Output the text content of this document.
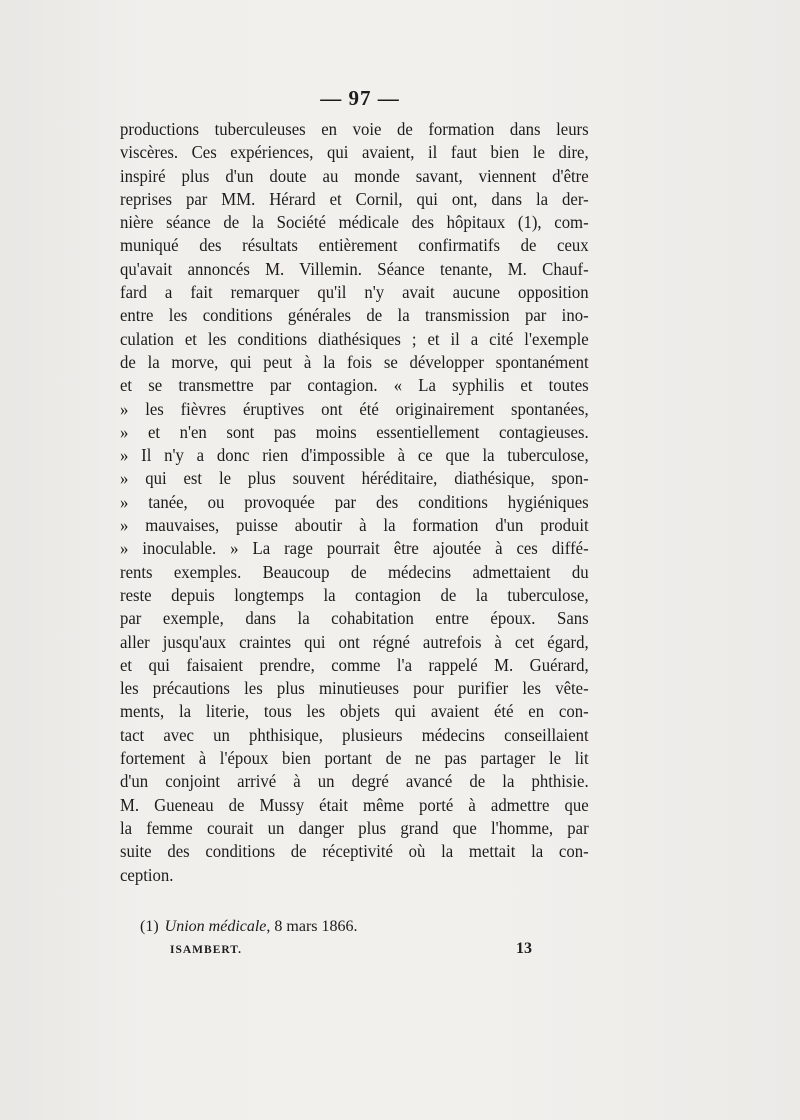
— 97 —
productions tuberculeuses en voie de formation dans leurs
viscères. Ces expériences, qui avaient, il faut bien le dire,
inspiré plus d'un doute au monde savant, viennent d'être
reprises par MM. Hérard et Cornil, qui ont, dans la der-
nière séance de la Société médicale des hôpitaux (1), com-
muniqué des résultats entièrement confirmatifs de ceux
qu'avait annoncés M. Villemin. Séance tenante, M. Chauf-
fard a fait remarquer qu'il n'y avait aucune opposition
entre les conditions générales de la transmission par ino-
culation et les conditions diathésiques ; et il a cité l'exemple
de la morve, qui peut à la fois se développer spontanément
et se transmettre par contagion. « La syphilis et toutes
» les fièvres éruptives ont été originairement spontanées,
» et n'en sont pas moins essentiellement contagieuses.
» Il n'y a donc rien d'impossible à ce que la tuberculose,
» qui est le plus souvent héréditaire, diathésique, spon-
» tanée, ou provoquée par des conditions hygiéniques
» mauvaises, puisse aboutir à la formation d'un produit
» inoculable. » La rage pourrait être ajoutée à ces diffé-
rents exemples. Beaucoup de médecins admettaient du
reste depuis longtemps la contagion de la tuberculose,
par exemple, dans la cohabitation entre époux. Sans
aller jusqu'aux craintes qui ont régné autrefois à cet égard,
et qui faisaient prendre, comme l'a rappelé M. Guérard,
les précautions les plus minutieuses pour purifier les vête-
ments, la literie, tous les objets qui avaient été en con-
tact avec un phthisique, plusieurs médecins conseillaient
fortement à l'époux bien portant de ne pas partager le lit
d'un conjoint arrivé à un degré avancé de la phthisie.
M. Gueneau de Mussy était même porté à admettre que
la femme courait un danger plus grand que l'homme, par
suite des conditions de réceptivité où la mettait la con-
ception.
(1) Union médicale, 8 mars 1866.
ISAMBERT.	13
